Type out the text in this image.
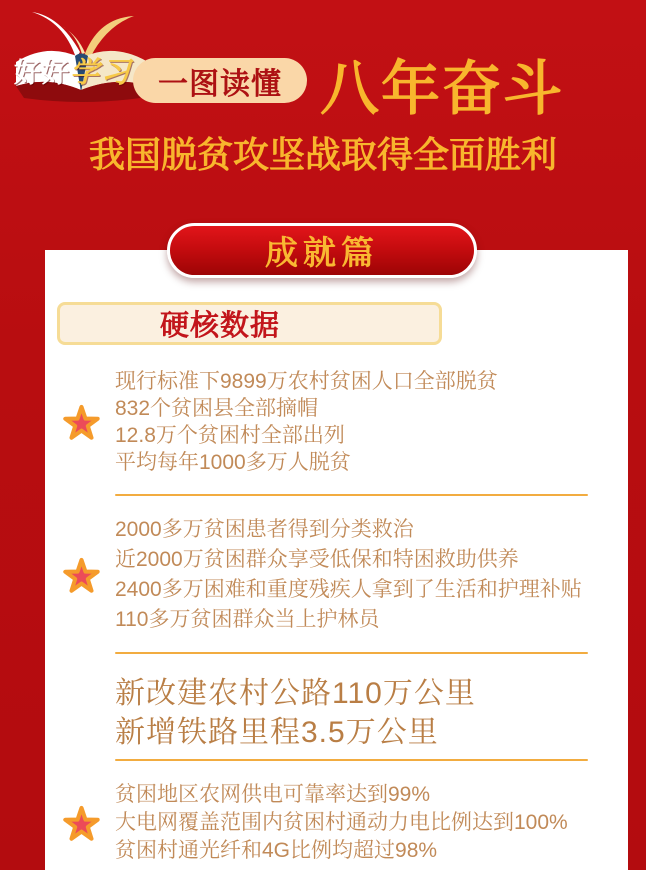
好好学习 一图读懂 八年奋斗
我国脱贫攻坚战取得全面胜利
成就篇
硬核数据
现行标准下9899万农村贫困人口全部脱贫
832个贫困县全部摘帽
12.8万个贫困村全部出列
平均每年1000多万人脱贫
2000多万贫困患者得到分类救治
近2000万贫困群众享受低保和特困救助供养
2400多万困难和重度残疾人拿到了生活和护理补贴
110多万贫困群众当上护林员
新改建农村公路110万公里
新增铁路里程3.5万公里
贫困地区农网供电可靠率达到99%
大电网覆盖范围内贫困村通动力电比例达到100%
贫困村通光纤和4G比例均超过98%
